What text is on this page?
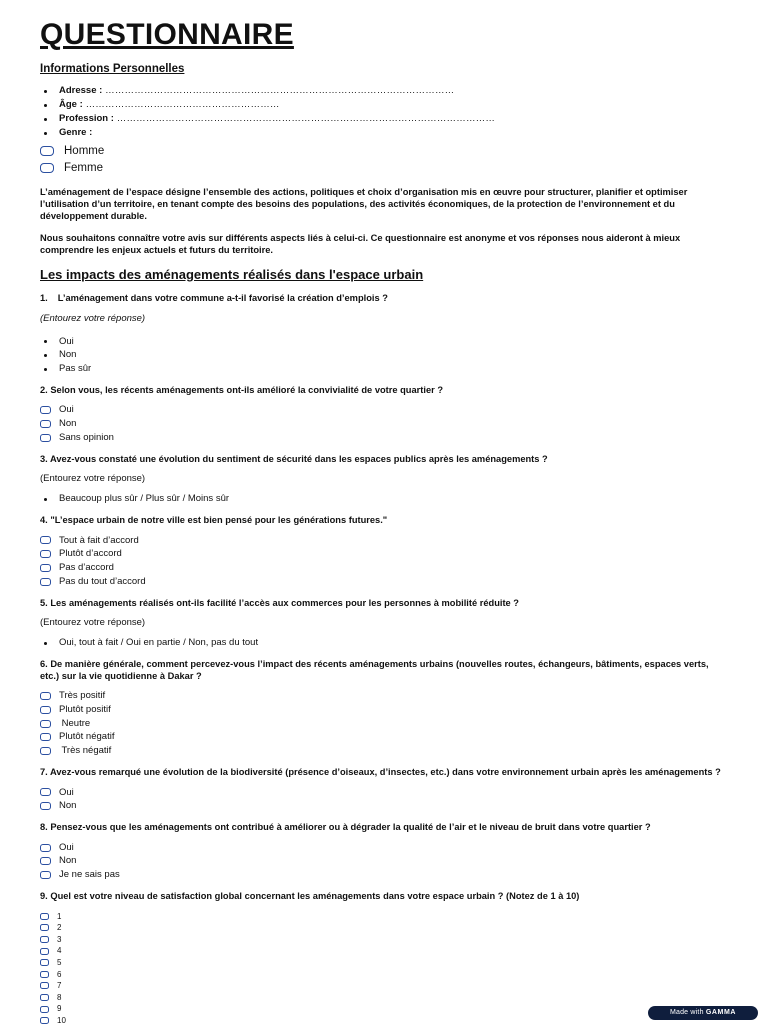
QUESTIONNAIRE
Informations Personnelles
Adresse : ………………………………………………………………………………………………
Âge : ……………………………………………………
Profession : ………………………………………………………………………………………………………
Genre :
Homme
Femme

L’aménagement de l’espace désigne l’ensemble des actions, politiques et choix d’organisation mis en œuvre pour structurer, planifier et optimiser l’utilisation d’un territoire, en tenant compte des besoins des populations, des activités économiques, de la protection de l’environnement et du développement durable.

Nous souhaitons connaître votre avis sur différents aspects liés à celui-ci. Ce questionnaire est anonyme et vos réponses nous aideront à mieux comprendre les enjeux actuels et futurs du territoire.

Les impacts des aménagements réalisés dans l'espace urbain
1. L’aménagement dans votre commune a-t-il favorisé la création d’emplois ?
(Entourez votre réponse)
Oui
Non
Pas sûr
2. Selon vous, les récents aménagements ont-ils amélioré la convivialité de votre quartier ?
Oui
Non
Sans opinion
3. Avez-vous constaté une évolution du sentiment de sécurité dans les espaces publics après les aménagements ?
(Entourez votre réponse)
Beaucoup plus sûr / Plus sûr / Moins sûr
4. "L’espace urbain de notre ville est bien pensé pour les générations futures."
Tout à fait d’accord
Plutôt d’accord
Pas d’accord
Pas du tout d’accord
5. Les aménagements réalisés ont-ils facilité l’accès aux commerces pour les personnes à mobilité réduite ?
(Entourez votre réponse)
Oui, tout à fait / Oui en partie / Non, pas du tout
6. De manière générale, comment percevez-vous l’impact des récents aménagements urbains (nouvelles routes, échangeurs, bâtiments, espaces verts, etc.) sur la vie quotidienne à Dakar ?
Très positif
Plutôt positif
Neutre
Plutôt négatif
Très négatif
7. Avez-vous remarqué une évolution de la biodiversité (présence d’oiseaux, d’insectes, etc.) dans votre environnement urbain après les aménagements ?
Oui
Non
8. Pensez-vous que les aménagements ont contribué à améliorer ou à dégrader la qualité de l’air et le niveau de bruit dans votre quartier ?
Oui
Non
Je ne sais pas
9. Quel est votre niveau de satisfaction global concernant les aménagements dans votre espace urbain ? (Notez de 1 à 10)
1
2
3
4
5
6
7
8
9
10
Made with GAMMA
